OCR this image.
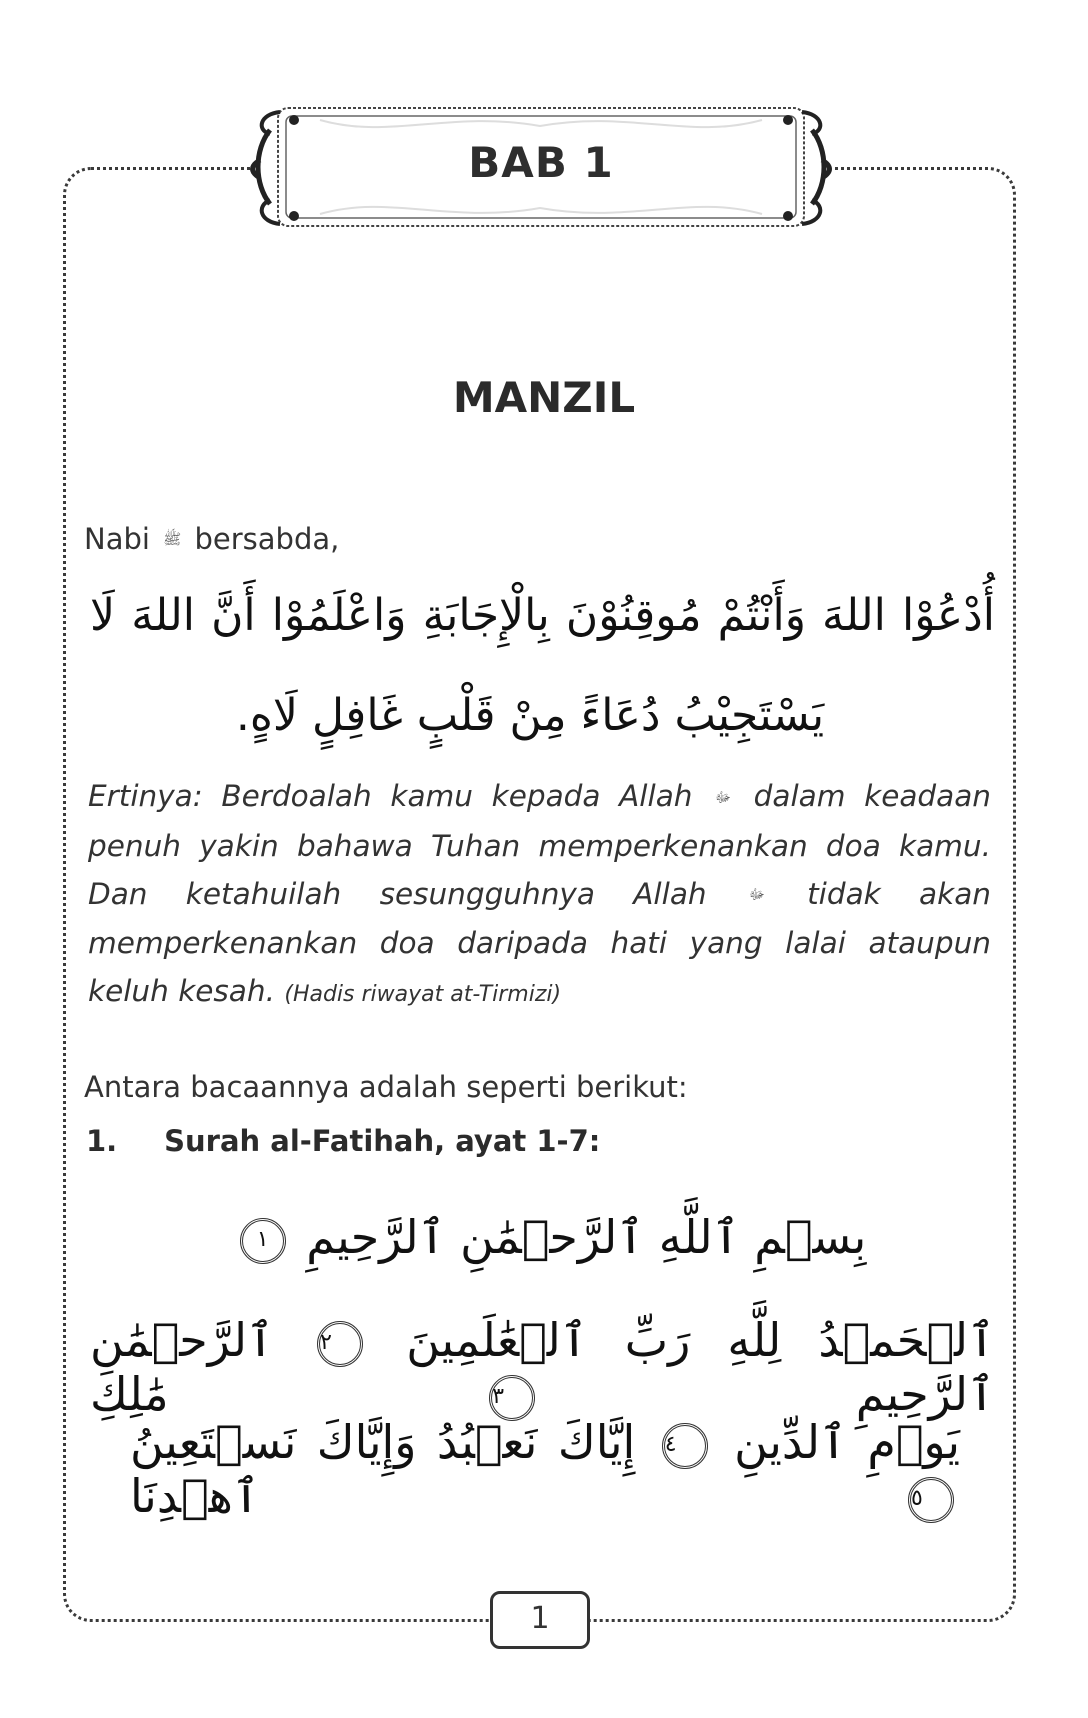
BAB 1
MANZIL
Nabi ﷺ bersabda,
أُدْعُوْا اللهَ وَأَنْتُمْ مُوقِنُوْنَ بِالْإِجَابَةِ وَاعْلَمُوْا أَنَّ اللهَ لَا
يَسْتَجِيْبُ دُعَاءً مِنْ قَلْبٍ غَافِلٍ لَاهٍ.
Ertinya: Berdoalah kamu kepada Allah ﷻ dalam keadaan penuh yakin bahawa Tuhan memperkenankan doa kamu. Dan ketahuilah sesungguhnya Allah	ﷻ tidak akan memperkenankan doa daripada hati yang lalai ataupun keluh kesah. (Hadis riwayat at-Tirmizi)
Antara bacaannya adalah seperti berikut:
1. Surah al-Fatihah, ayat 1-7:
بِسۡمِ ٱللَّهِ ٱلرَّحۡمَٰنِ ٱلرَّحِيمِ ١
ٱلۡحَمۡدُ لِلَّهِ رَبِّ ٱلۡعَٰلَمِينَ ٢ ٱلرَّحۡمَٰنِ ٱلرَّحِيمِ ٣ مَٰلِكِ
يَوۡمِ ٱلدِّينِ ٤ إِيَّاكَ نَعۡبُدُ وَإِيَّاكَ نَسۡتَعِينُ ٥ ٱهۡدِنَا
1
